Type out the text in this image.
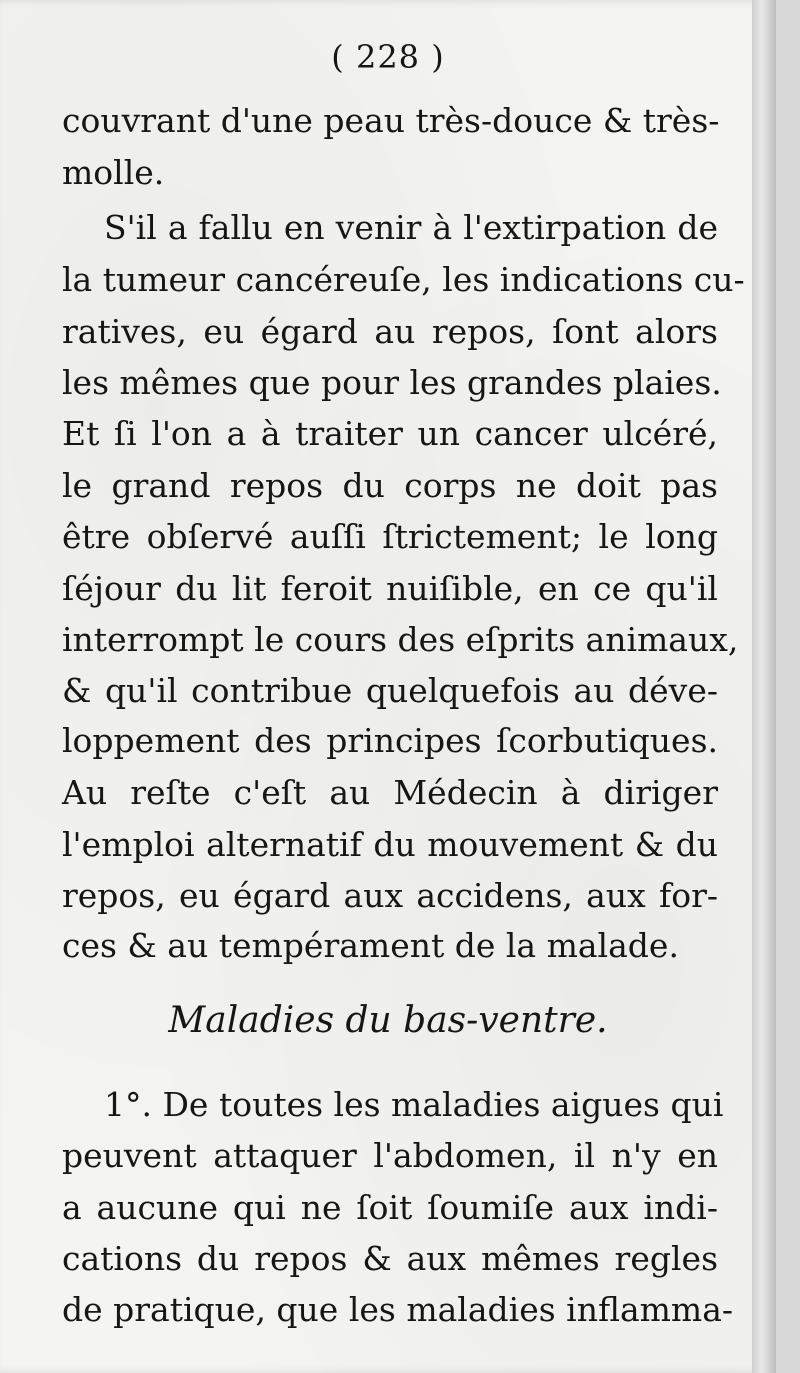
( 228 )
couvrant d'une peau très-douce & très-
molle.
S'il a fallu en venir à l'extirpation de
la tumeur cancéreuſe, les indications cu-
ratives, eu égard au repos, ſont alors
les mêmes que pour les grandes plaies.
Et ſi l'on a à traiter un cancer ulcéré,
le grand repos du corps ne doit pas
être obſervé auſſi ſtrictement; le long
ſéjour du lit feroit nuiſible, en ce qu'il
interrompt le cours des eſprits animaux,
& qu'il contribue quelquefois au déve-
loppement des principes ſcorbutiques.
Au reſte c'eſt au Médecin à diriger
l'emploi alternatif du mouvement & du
repos, eu égard aux accidens, aux for-
ces & au tempérament de la malade.
Maladies du bas-ventre.
1°. De toutes les maladies aigues qui
peuvent attaquer l'abdomen, il n'y en
a aucune qui ne ſoit ſoumiſe aux indi-
cations du repos & aux mêmes regles
de pratique, que les maladies inflamma-
